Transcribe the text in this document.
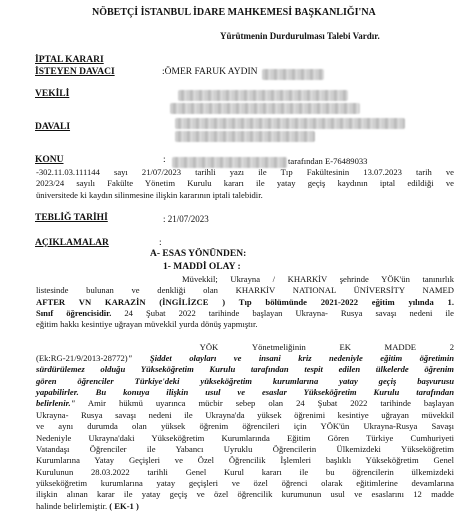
NÖBETÇİ İSTANBUL İDARE MAHKEMESİ BAŞKANLIĞI'NA
Yürütmenin Durdurulması Talebi Vardır.
İPTAL KARARI
İSTEYEN DAVACI	:ÖMER FARUK AYDIN
VEKİLİ
DAVALI
KONU	:	tarafından E-76489033
-302.11.03.111144 sayı 21/07/2023 tarihli yazı ile Tıp Fakültesinin 13.07.2023 tarih ve
2023/24 sayılı Fakülte Yönetim Kurulu kararı ile yatay geçiş kaydının iptal edildiği ve
üniversitede ki kaydın silinmesine ilişkin kararının iptali talebidir.
TEBLİĞ TARİHİ	: 21/07/2023
AÇIKLAMALAR	:
A- ESAS YÖNÜNDEN:
1- MADDİ OLAY :
Müvekkil; Ukrayna / KHARKİV şehrinde YÖK'ün tanınırlık
listesinde bulunan ve denkliği olan KHARKİV NATIONAL ÜNİVERSİTY NAMED
AFTER VN KARAZİN (İNGİLİZCE ) Tıp bölümünde 2021-2022 eğitim yılında 1.
Sınıf öğrencisidir. 24 Şubat 2022 tarihinde başlayan Ukrayna- Rusya savaşı nedeni ile
eğitim hakkı kesintiye uğrayan müvekkil yurda dönüş yapmıştır.
YÖK	Yönetmeliğinin	EK	MADDE	2
(Ek:RG-21/9/2013-28772)" Şiddet olayları ve insani kriz nedeniyle eğitim öğretimin
sürdürülemez olduğu Yükseköğretim Kurulu tarafından tespit edilen ülkelerde öğrenim
gören öğrenciler Türkiye'deki yükseköğretim kurumlarına yatay geçiş başvurusu
yapabilirler. Bu konuya ilişkin usul ve esaslar Yükseköğretim Kurulu tarafından
belirlenir." Amir hükmü uyarınca mücbir sebep olan 24 Şubat 2022 tarihinde başlayan
Ukrayna- Rusya savaşı nedeni ile Ukrayna'da yüksek öğrenimi kesintiye uğrayan müvekkil
ve aynı durumda olan yüksek öğrenim öğrencileri için YÖK'ün Ukrayna-Rusya Savaşı
Nedeniyle Ukrayna'daki Yükseköğretim Kurumlarında Eğitim Gören Türkiye Cumhuriyeti
Vatandaşı Öğrenciler ile Yabancı Uyruklu Öğrencilerin Ülkemizdeki Yükseköğretim
Kurumlarına Yatay Geçişleri ve Özel Öğrencilik İşlemleri başlıklı Yükseköğretim Genel
Kurulunun 28.03.2022 tarihli Genel Kurul kararı ile bu öğrencilerin ülkemizdeki
yükseköğretim kurumlarına yatay geçişleri ve özel öğrenci olarak eğitimlerine devamlarına
ilişkin alınan karar ile yatay geçiş ve özel öğrencilik kurumunun usul ve esaslarını 12 madde
halinde belirlemiştir. ( EK-1 )
